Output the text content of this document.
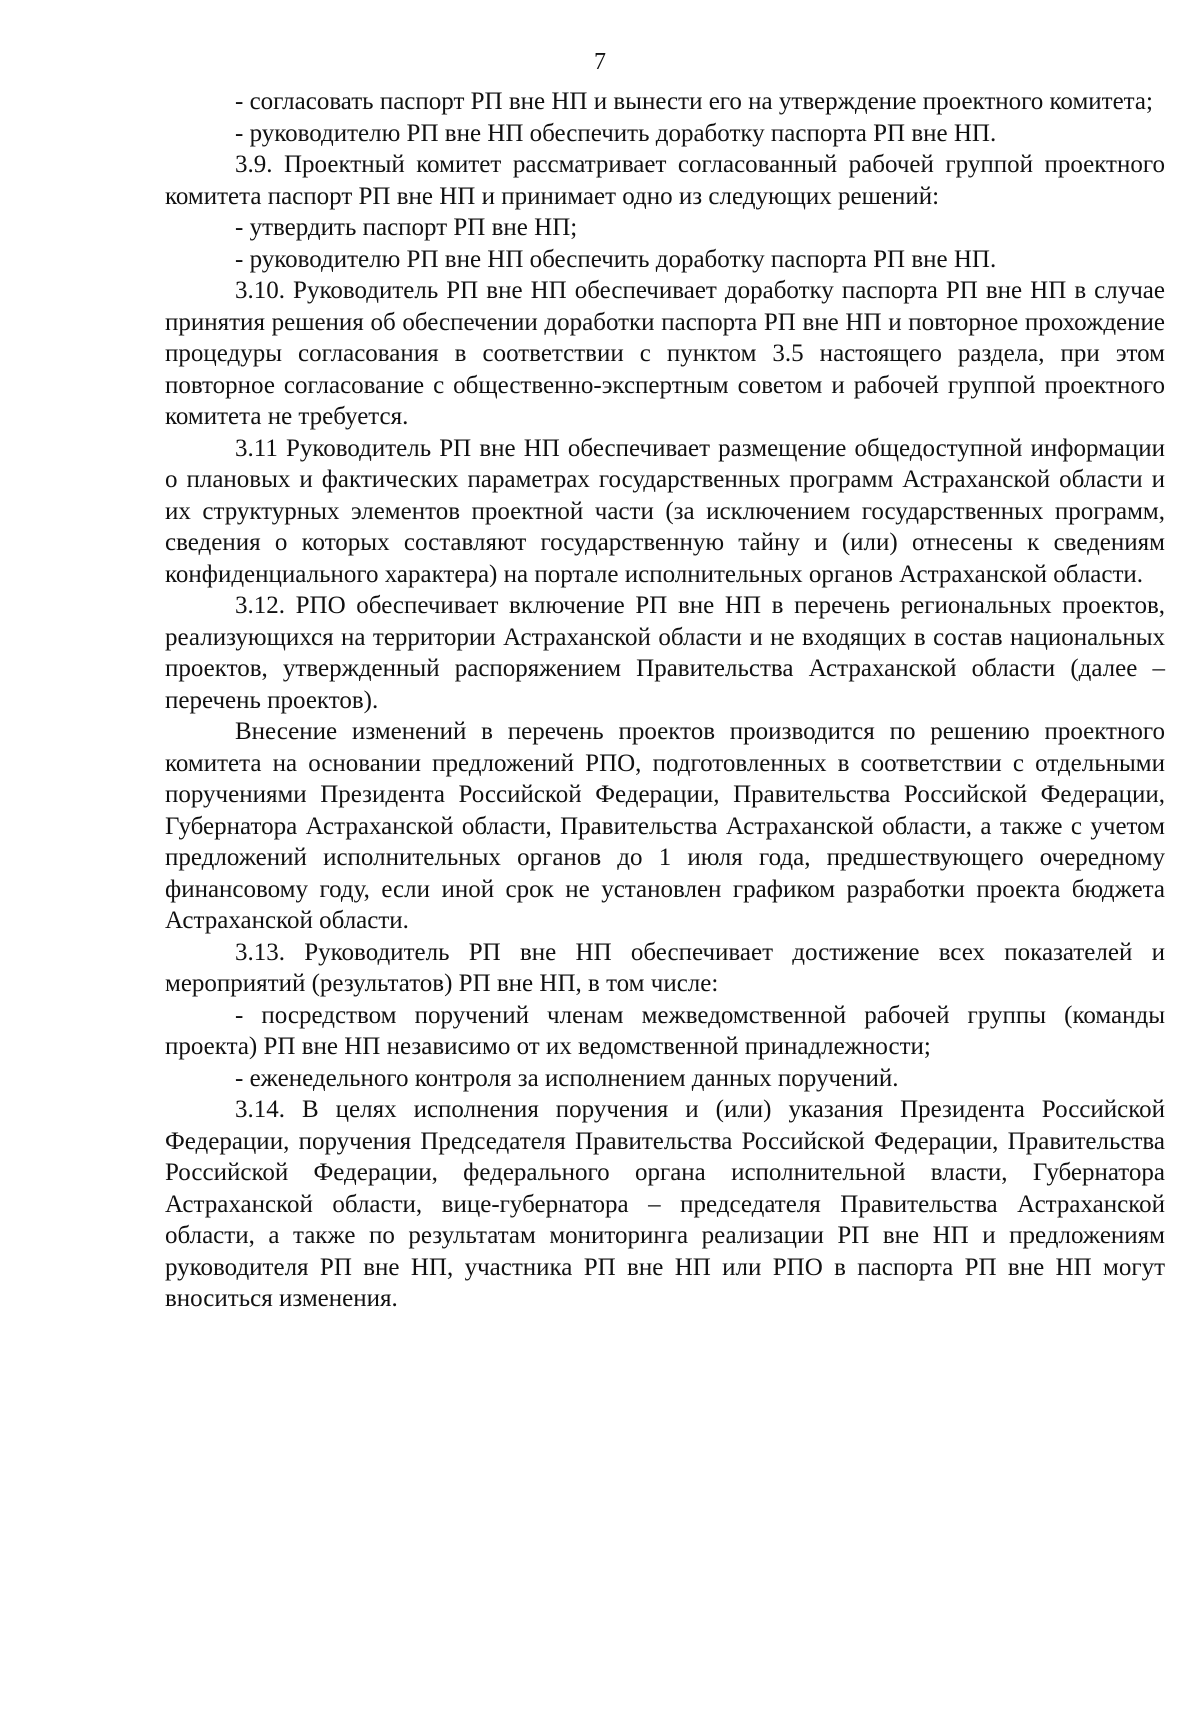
7

- согласовать паспорт РП вне НП и вынести его на утверждение проектного комитета;

- руководителю РП вне НП обеспечить доработку паспорта РП вне НП.

3.9. Проектный комитет рассматривает согласованный рабочей группой проектного комитета паспорт РП вне НП и принимает одно из следующих решений:

- утвердить паспорт РП вне НП;

- руководителю РП вне НП обеспечить доработку паспорта РП вне НП.

3.10. Руководитель РП вне НП обеспечивает доработку паспорта РП вне НП в случае принятия решения об обеспечении доработки паспорта РП вне НП и повторное прохождение процедуры согласования в соответствии с пунктом 3.5 настоящего раздела, при этом повторное согласование с общественно-экспертным советом и рабочей группой проектного комитета не требуется.

3.11 Руководитель РП вне НП обеспечивает размещение общедоступной информации о плановых и фактических параметрах государственных программ Астраханской области и их структурных элементов проектной части (за исключением государственных программ, сведения о которых составляют государственную тайну и (или) отнесены к сведениям конфиденциального характера) на портале исполнительных органов Астраханской области.

3.12. РПО обеспечивает включение РП вне НП в перечень региональных проектов, реализующихся на территории Астраханской области и не входящих в состав национальных проектов, утвержденный распоряжением Правительства Астраханской области (далее – перечень проектов).

Внесение изменений в перечень проектов производится по решению проектного комитета на основании предложений РПО, подготовленных в соответствии с отдельными поручениями Президента Российской Федерации, Правительства Российской Федерации, Губернатора Астраханской области, Правительства Астраханской области, а также с учетом предложений исполнительных органов до 1 июля года, предшествующего очередному финансовому году, если иной срок не установлен графиком разработки проекта бюджета Астраханской области.

3.13. Руководитель РП вне НП обеспечивает достижение всех показателей и мероприятий (результатов) РП вне НП, в том числе:

- посредством поручений членам межведомственной рабочей группы (команды проекта) РП вне НП независимо от их ведомственной принадлежности;

- еженедельного контроля за исполнением данных поручений.

3.14. В целях исполнения поручения и (или) указания Президента Российской Федерации, поручения Председателя Правительства Российской Федерации, Правительства Российской Федерации, федерального органа исполнительной власти, Губернатора Астраханской области, вице-губернатора – председателя Правительства Астраханской области, а также по результатам мониторинга реализации РП вне НП и предложениям руководителя РП вне НП, участника РП вне НП или РПО в паспорта РП вне НП могут вноситься изменения.
